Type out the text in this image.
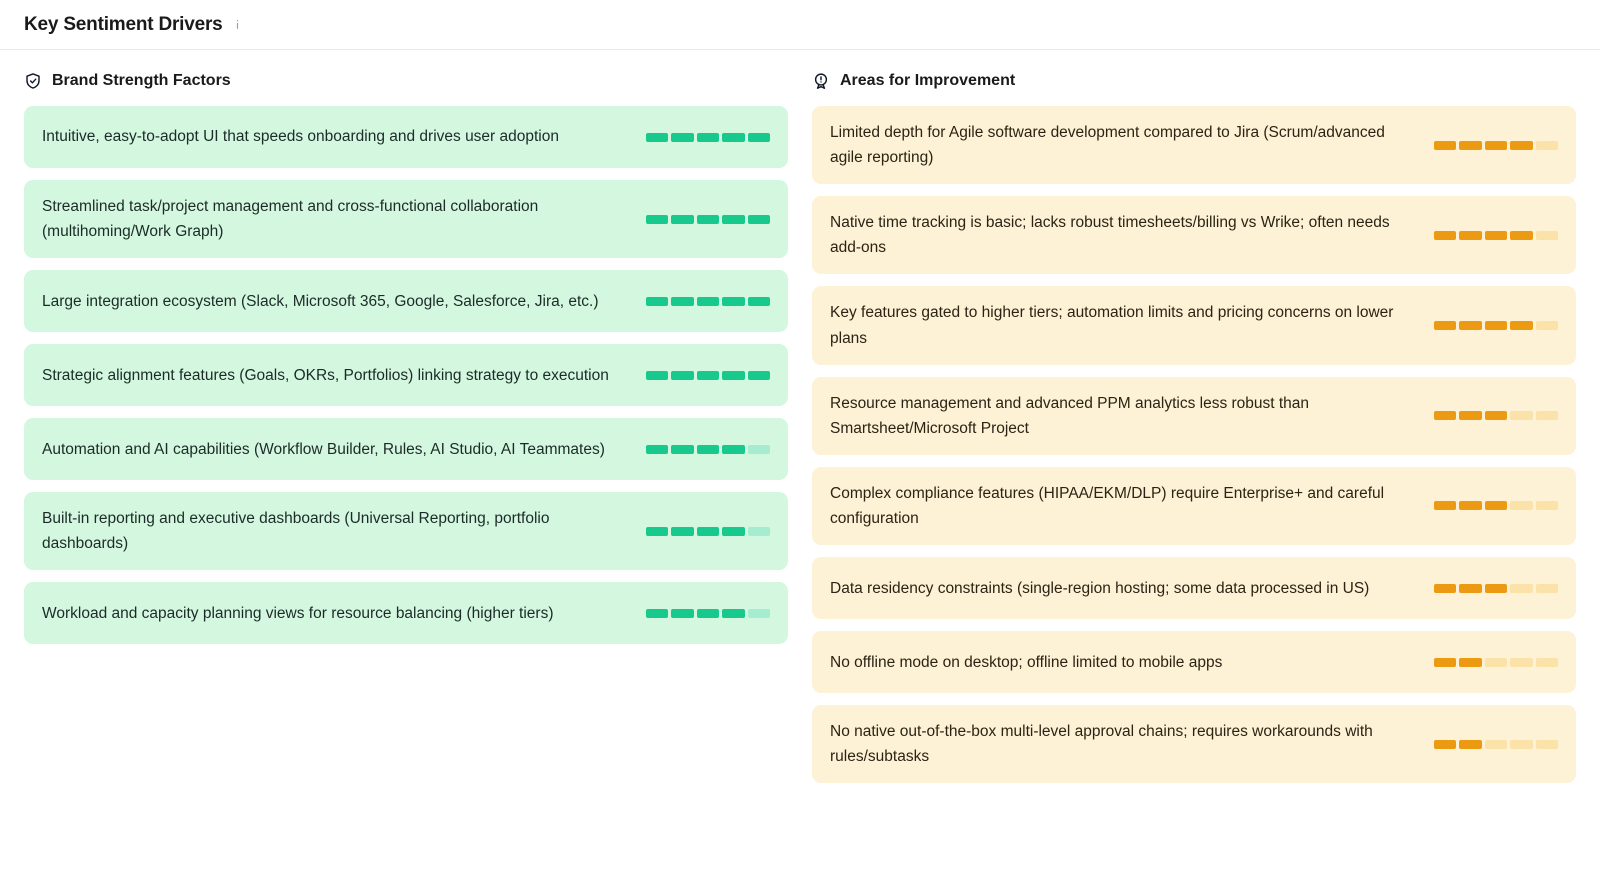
Key Sentiment Drivers
Brand Strength Factors
Intuitive, easy-to-adopt UI that speeds onboarding and drives user adoption
Streamlined task/project management and cross-functional collaboration (multihoming/Work Graph)
Large integration ecosystem (Slack, Microsoft 365, Google, Salesforce, Jira, etc.)
Strategic alignment features (Goals, OKRs, Portfolios) linking strategy to execution
Automation and AI capabilities (Workflow Builder, Rules, AI Studio, AI Teammates)
Built-in reporting and executive dashboards (Universal Reporting, portfolio dashboards)
Workload and capacity planning views for resource balancing (higher tiers)
Areas for Improvement
Limited depth for Agile software development compared to Jira (Scrum/advanced agile reporting)
Native time tracking is basic; lacks robust timesheets/billing vs Wrike; often needs add-ons
Key features gated to higher tiers; automation limits and pricing concerns on lower plans
Resource management and advanced PPM analytics less robust than Smartsheet/Microsoft Project
Complex compliance features (HIPAA/EKM/DLP) require Enterprise+ and careful configuration
Data residency constraints (single-region hosting; some data processed in US)
No offline mode on desktop; offline limited to mobile apps
No native out-of-the-box multi-level approval chains; requires workarounds with rules/subtasks
